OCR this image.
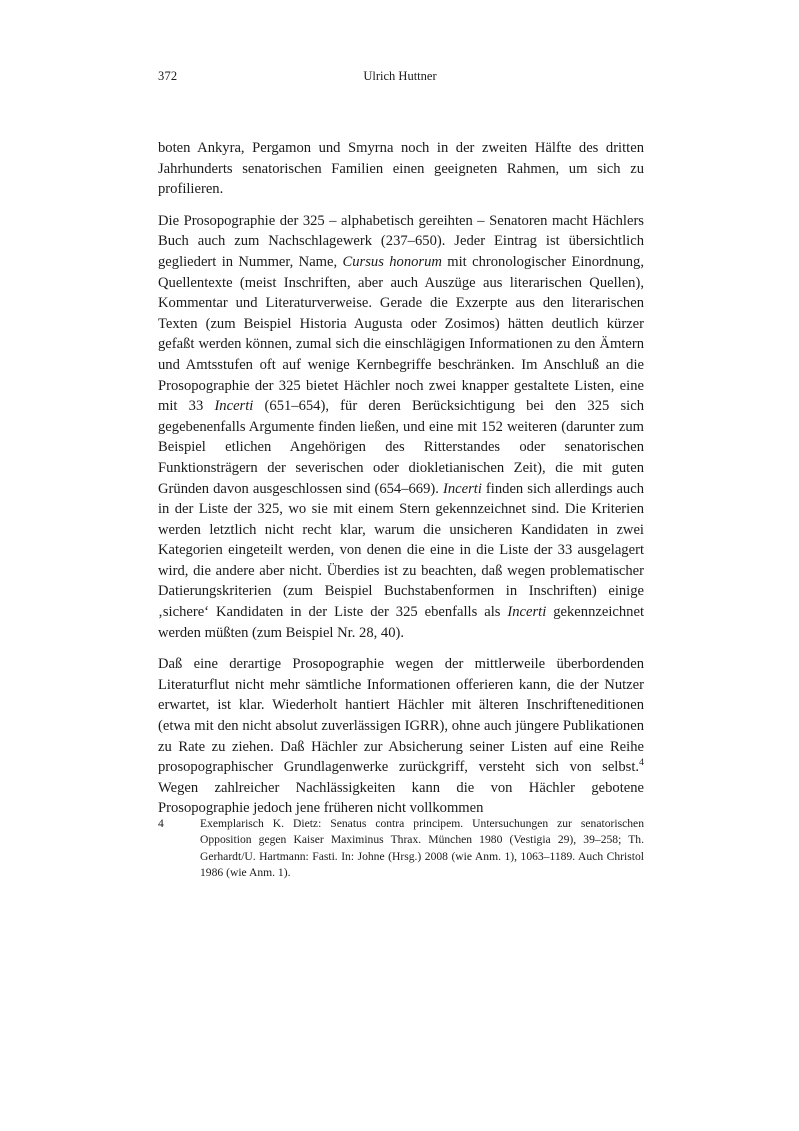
372	Ulrich Huttner

boten Ankyra, Pergamon und Smyrna noch in der zweiten Hälfte des dritten Jahrhunderts senatorischen Familien einen geeigneten Rahmen, um sich zu profilieren.

Die Prosopographie der 325 – alphabetisch gereihten – Senatoren macht Hächlers Buch auch zum Nachschlagewerk (237–650). Jeder Eintrag ist übersichtlich gegliedert in Nummer, Name, Cursus honorum mit chronologischer Einordnung, Quellentexte (meist Inschriften, aber auch Auszüge aus literarischen Quellen), Kommentar und Literaturverweise. Gerade die Exzerpte aus den literarischen Texten (zum Beispiel Historia Augusta oder Zosimos) hätten deutlich kürzer gefaßt werden können, zumal sich die einschlägigen Informationen zu den Ämtern und Amtsstufen oft auf wenige Kernbegriffe beschränken. Im Anschluß an die Prosopographie der 325 bietet Hächler noch zwei knapper gestaltete Listen, eine mit 33 Incerti (651–654), für deren Berücksichtigung bei den 325 sich gegebenenfalls Argumente finden ließen, und eine mit 152 weiteren (darunter zum Beispiel etlichen Angehörigen des Ritterstandes oder senatorischen Funktionsträgern der severischen oder diokletianischen Zeit), die mit guten Gründen davon ausgeschlossen sind (654–669). Incerti finden sich allerdings auch in der Liste der 325, wo sie mit einem Stern gekennzeichnet sind. Die Kriterien werden letztlich nicht recht klar, warum die unsicheren Kandidaten in zwei Kategorien eingeteilt werden, von denen die eine in die Liste der 33 ausgelagert wird, die andere aber nicht. Überdies ist zu beachten, daß wegen problematischer Datierungskriterien (zum Beispiel Buchstabenformen in Inschriften) einige ‚sichere‘ Kandidaten in der Liste der 325 ebenfalls als Incerti gekennzeichnet werden müßten (zum Beispiel Nr. 28, 40).

Daß eine derartige Prosopographie wegen der mittlerweile überbordenden Literaturflut nicht mehr sämtliche Informationen offerieren kann, die der Nutzer erwartet, ist klar. Wiederholt hantiert Hächler mit älteren Inschrifteneditionen (etwa mit den nicht absolut zuverlässigen IGRR), ohne auch jüngere Publikationen zu Rate zu ziehen. Daß Hächler zur Absicherung seiner Listen auf eine Reihe prosopographischer Grundlagenwerke zurückgriff, versteht sich von selbst.$^4$ Wegen zahlreicher Nachlässigkeiten kann die von Hächler gebotene Prosopographie jedoch jene früheren nicht vollkommen

4	Exemplarisch K. Dietz: Senatus contra principem. Untersuchungen zur senatorischen Opposition gegen Kaiser Maximinus Thrax. München 1980 (Vestigia 29), 39–258; Th. Gerhardt/U. Hartmann: Fasti. In: Johne (Hrsg.) 2008 (wie Anm. 1), 1063–1189. Auch Christol 1986 (wie Anm. 1).
